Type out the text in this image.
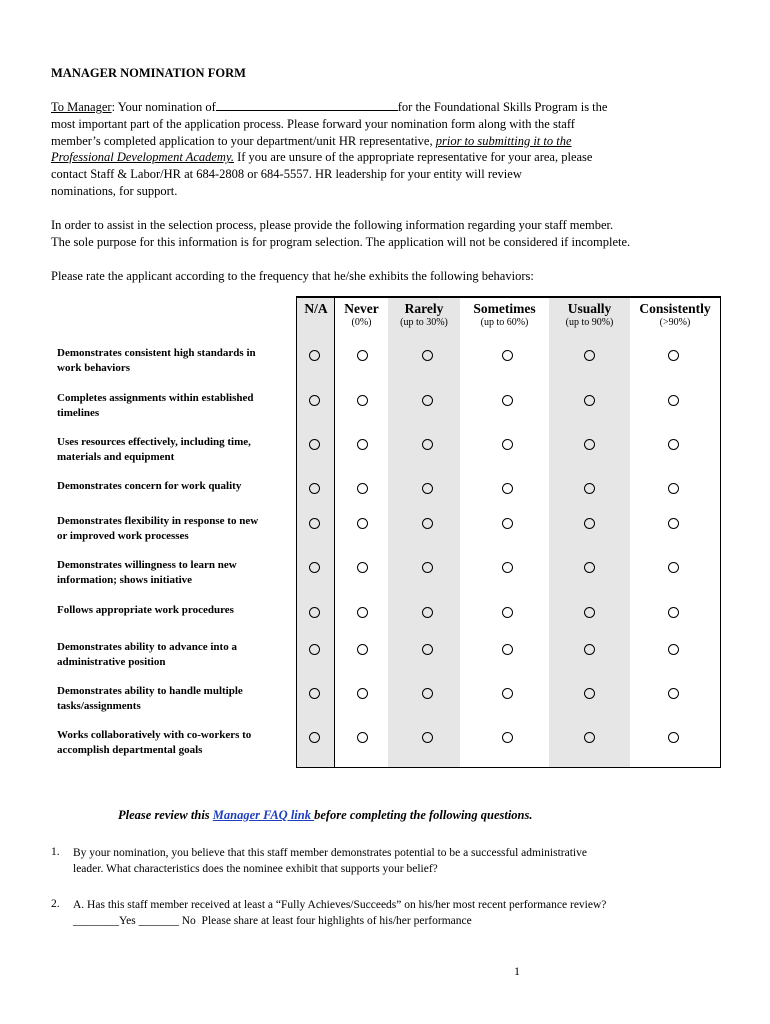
MANAGER NOMINATION FORM
To Manager: Your nomination of	for the Foundational Skills Program is the
most important part of the application process. Please forward your nomination form along with the staff
member’s completed application to your department/unit HR representative, prior to submitting it to the
Professional Development Academy. If you are unsure of the appropriate representative for your area, please
contact Staff & Labor/HR at 684-2808 or 684-5557. HR leadership for your entity will review
nominations, for support.
In order to assist in the selection process, please provide the following information regarding your staff member.
The sole purpose for this information is for program selection. The application will not be considered if incomplete.
Please rate the applicant according to the frequency that he/she exhibits the following behaviors:
N/A	Never
(0%)
Rarely
(up to 30%)
Sometimes
(up to 60%)
Usually
(up to 90%)
Consistently
(>90%)
Demonstrates consistent high standards in
work behaviors
Completes assignments within established
timelines
Uses resources effectively, including time,
materials and equipment
Demonstrates concern for work quality
Demonstrates flexibility in response to new
or improved work processes
Demonstrates willingness to learn new
information; shows initiative
Follows appropriate work procedures
Demonstrates ability to advance into a
administrative position
Demonstrates ability to handle multiple
tasks/assignments
Works collaboratively with co-workers to
accomplish departmental goals
Please review this Manager FAQ link before completing the following questions.
1. By your nomination, you believe that this staff member demonstrates potential to be a successful administrative
leader. What characteristics does the nominee exhibit that supports your belief?
2. A. Has this staff member received at least a “Fully Achieves/Succeeds” on his/her most recent performance review?
________Yes _______ No Please share at least four highlights of his/her performance
1
